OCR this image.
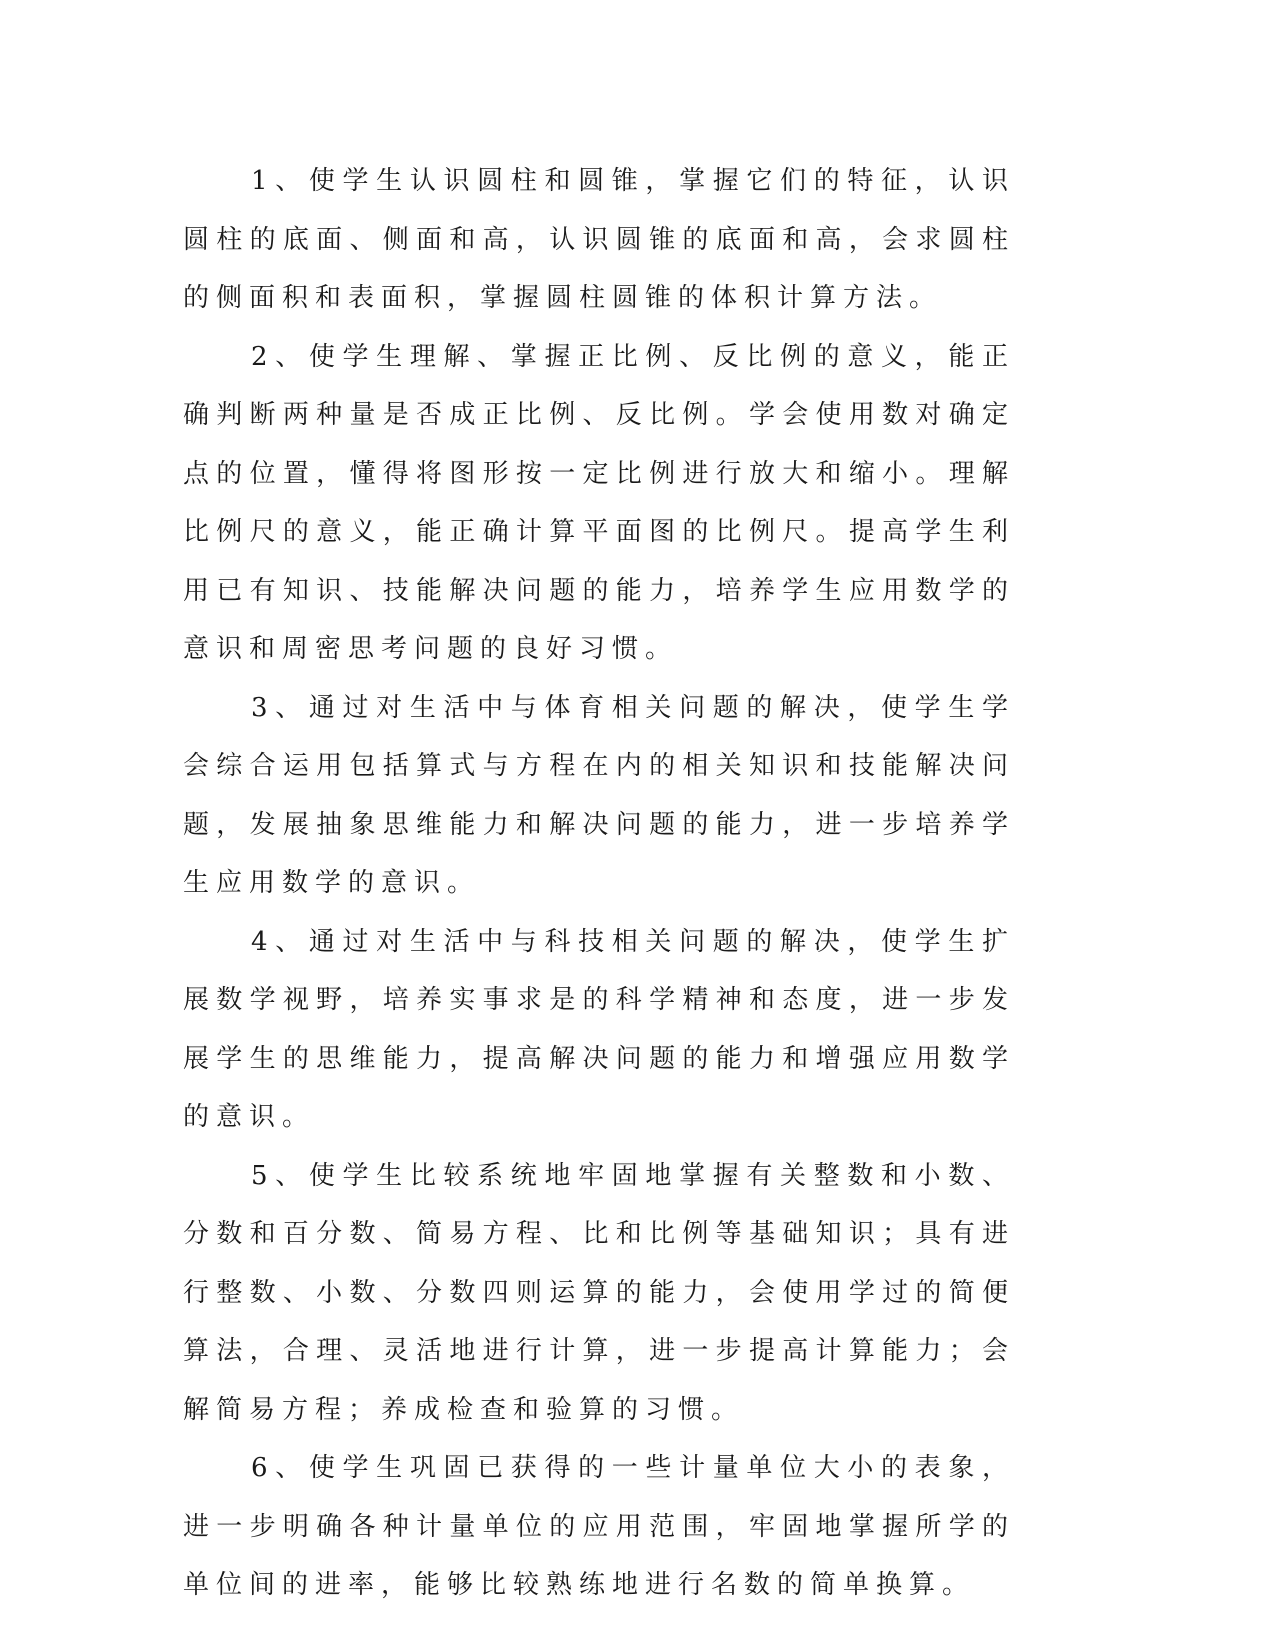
1、使学生认识圆柱和圆锥，掌握它们的特征，认识圆柱的底面、侧面和高，认识圆锥的底面和高，会求圆柱的侧面积和表面积，掌握圆柱圆锥的体积计算方法。

2、使学生理解、掌握正比例、反比例的意义，能正确判断两种量是否成正比例、反比例。学会使用数对确定点的位置，懂得将图形按一定比例进行放大和缩小。理解比例尺的意义，能正确计算平面图的比例尺。提高学生利用已有知识、技能解决问题的能力，培养学生应用数学的意识和周密思考问题的良好习惯。

3、通过对生活中与体育相关问题的解决，使学生学会综合运用包括算式与方程在内的相关知识和技能解决问题，发展抽象思维能力和解决问题的能力，进一步培养学生应用数学的意识。

4、通过对生活中与科技相关问题的解决，使学生扩展数学视野，培养实事求是的科学精神和态度，进一步发展学生的思维能力，提高解决问题的能力和增强应用数学的意识。

5、使学生比较系统地牢固地掌握有关整数和小数、分数和百分数、简易方程、比和比例等基础知识；具有进行整数、小数、分数四则运算的能力，会使用学过的简便算法，合理、灵活地进行计算，进一步提高计算能力；会解简易方程；养成检查和验算的习惯。

6、使学生巩固已获得的一些计量单位大小的表象，进一步明确各种计量单位的应用范围，牢固地掌握所学的单位间的进率，能够比较熟练地进行名数的简单换算。
